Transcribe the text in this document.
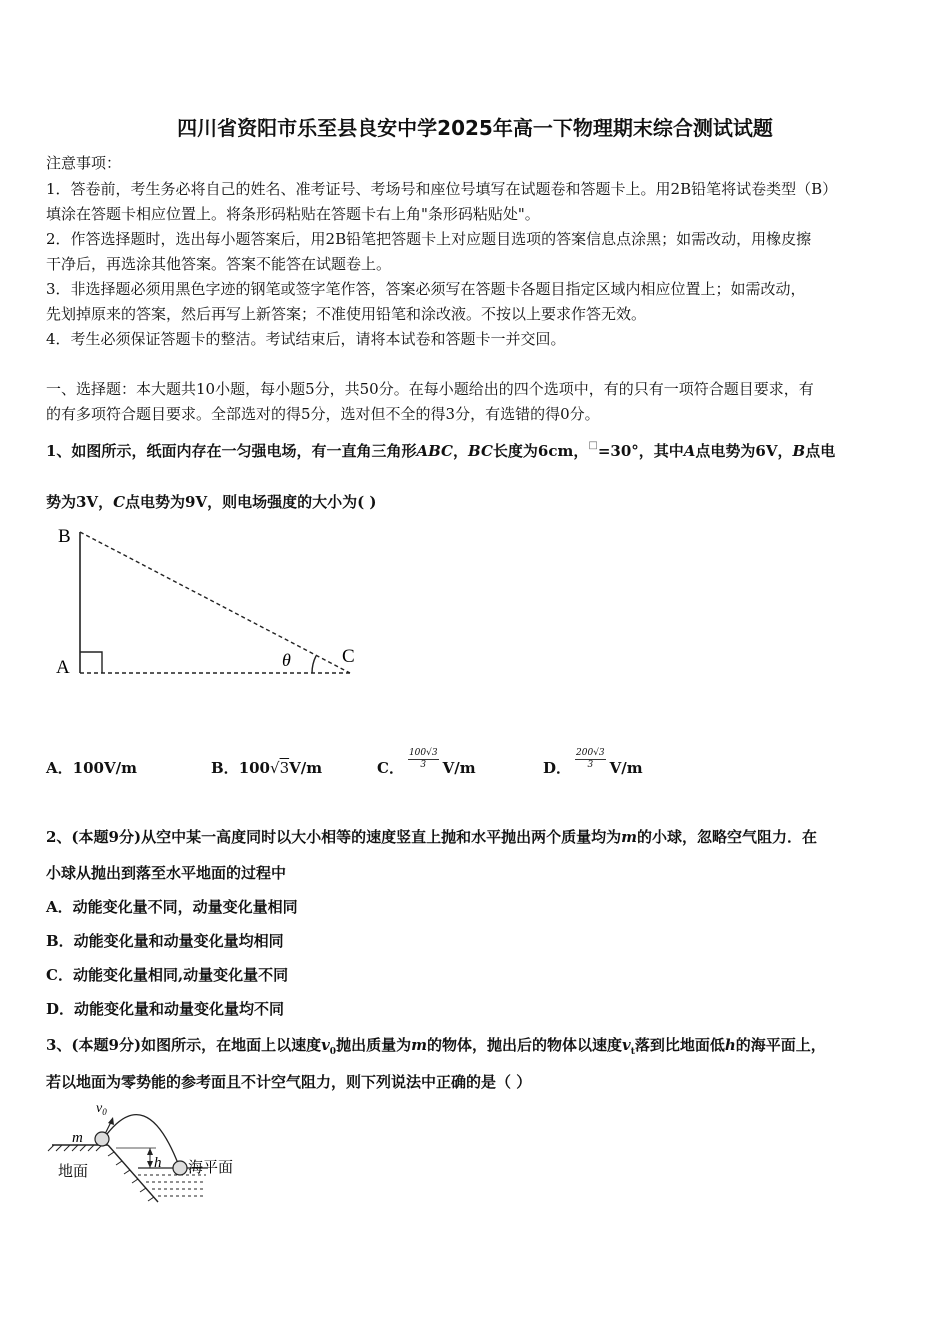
四川省资阳市乐至县良安中学2025年高一下物理期末综合测试试题
注意事项：
1．答卷前，考生务必将自己的姓名、准考证号、考场号和座位号填写在试题卷和答题卡上。用2B铅笔将试卷类型（B）
填涂在答题卡相应位置上。将条形码粘贴在答题卡右上角"条形码粘贴处"。
2．作答选择题时，选出每小题答案后，用2B铅笔把答题卡上对应题目选项的答案信息点涂黑；如需改动，用橡皮擦
干净后，再选涂其他答案。答案不能答在试题卷上。
3．非选择题必须用黑色字迹的钢笔或签字笔作答，答案必须写在答题卡各题目指定区域内相应位置上；如需改动，
先划掉原来的答案，然后再写上新答案；不准使用铅笔和涂改液。不按以上要求作答无效。
4．考生必须保证答题卡的整洁。考试结束后，请将本试卷和答题卡一并交回。
一、选择题：本大题共10小题，每小题5分，共50分。在每小题给出的四个选项中，有的只有一项符合题目要求，有
的有多项符合题目要求。全部选对的得5分，选对但不全的得3分，有选错的得0分。
1、如图所示，纸面内存在一匀强电场，有一直角三角形ABC，BC长度为6cm，□=30°，其中A点电势为6V，B点电
势为3V，C点电势为9V，则电场强度的大小为( )
B
A
C
θ
A．100V/m	B．100√3V/m	C． $\frac{100√3}{3} V/m$	D． $\frac{200√3}{3} V/m$
2、(本题9分)从空中某一高度同时以大小相等的速度竖直上抛和水平抛出两个质量均为m的小球，忽略空气阻力．在
小球从抛出到落至水平地面的过程中
A．动能变化量不同，动量变化量相同
B．动能变化量和动量变化量均相同
C．动能变化量相同,动量变化量不同
D．动能变化量和动量变化量均不同
3、(本题9分)如图所示，在地面上以速度$v_0$抛出质量为m的物体，抛出后的物体以速度$v_t$落到比地面低h的海平面上，
若以地面为零势能的参考面且不计空气阻力，则下列说法中正确的是（ ）
$v_0$
m
h
地面	海平面
